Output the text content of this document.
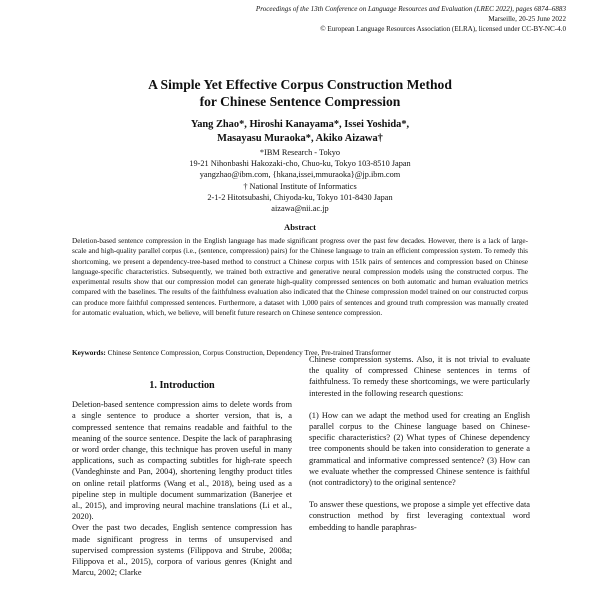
Proceedings of the 13th Conference on Language Resources and Evaluation (LREC 2022), pages 6874–6883
Marseille, 20-25 June 2022
© European Language Resources Association (ELRA), licensed under CC-BY-NC-4.0
A Simple Yet Effective Corpus Construction Method
for Chinese Sentence Compression
Yang Zhao*, Hiroshi Kanayama*, Issei Yoshida*,
Masayasu Muraoka*, Akiko Aizawa†
*IBM Research - Tokyo
19-21 Nihonbashi Hakozaki-cho, Chuo-ku, Tokyo 103-8510 Japan
yangzhao@ibm.com, {hkana,issei,mmuraoka}@jp.ibm.com
† National Institute of Informatics
2-1-2 Hitotsubashi, Chiyoda-ku, Tokyo 101-8430 Japan
aizawa@nii.ac.jp
Abstract

Deletion-based sentence compression in the English language has made significant progress over the past few decades. However, there is a lack of large-scale and high-quality parallel corpus (i.e., (sentence, compression) pairs) for the Chinese language to train an efficient compression system. To remedy this shortcoming, we present a dependency-tree-based method to construct a Chinese corpus with 151k pairs of sentences and compression based on Chinese language-specific characteristics. Subsequently, we trained both extractive and generative neural compression models using the constructed corpus. The experimental results show that our compression model can generate high-quality compressed sentences on both automatic and human evaluation metrics compared with the baselines. The results of the faithfulness evaluation also indicated that the Chinese compression model trained on our constructed corpus can produce more faithful compressed sentences. Furthermore, a dataset with 1,000 pairs of sentences and ground truth compression was manually created for automatic evaluation, which, we believe, will benefit future research on Chinese sentence compression.

Keywords: Chinese Sentence Compression, Corpus Construction, Dependency Tree, Pre-trained Transformer
1. Introduction

Deletion-based sentence compression aims to delete words from a single sentence to produce a shorter version, that is, a compressed sentence that remains readable and faithful to the meaning of the source sentence. Despite the lack of paraphrasing or word order change, this technique has proven useful in many applications, such as compacting subtitles for high-rate speech (Vandeghinste and Pan, 2004), shortening lengthy product titles on online retail platforms (Wang et al., 2018), being used as a pipeline step in multiple document summarization (Banerjee et al., 2015), and improving neural machine translations (Li et al., 2020).

Over the past two decades, English sentence compression has made significant progress in terms of unsupervised and supervised compression systems (Filippova and Strube, 2008a; Filippova et al., 2015), corpora of various genres (Knight and Marcu, 2002; Clarke

Chinese compression systems. Also, it is not trivial to evaluate the quality of compressed Chinese sentences in terms of faithfulness. To remedy these shortcomings, we were particularly interested in the following research questions:

(1) How can we adapt the method used for creating an English parallel corpus to the Chinese language based on Chinese-specific characteristics? (2) What types of Chinese dependency tree components should be taken into consideration to generate a grammatical and informative compressed sentence? (3) How can we evaluate whether the compressed Chinese sentence is faithful (not contradictory) to the original sentence?

To answer these questions, we propose a simple yet effective data construction method by first leveraging contextual word embedding to handle paraphras-
